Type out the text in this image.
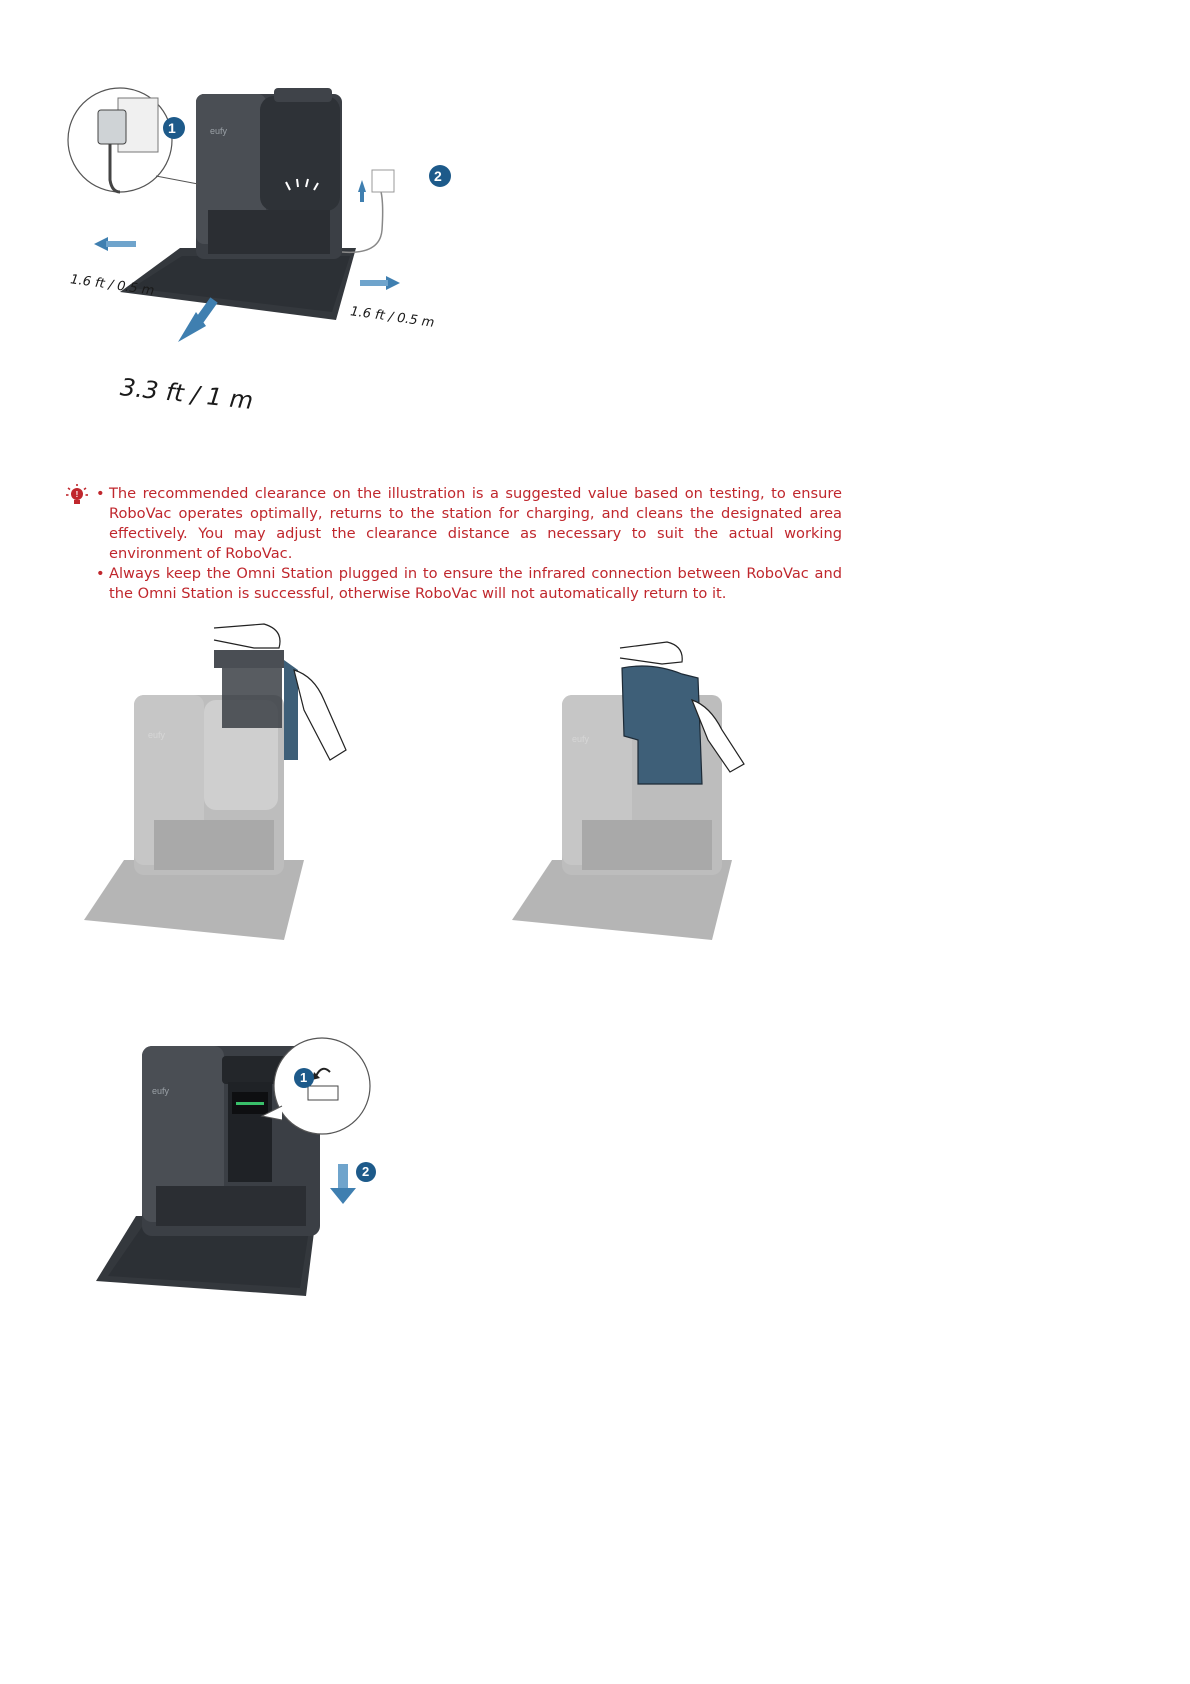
1
2
eufy
1.6 ft / 0.5 m
1.6 ft / 0.5 m
3.3 ft / 1 m
! • The recommended clearance on the illustration is a suggested value based on testing, to ensure RoboVac operates optimally, returns to the station for charging, and cleans the designated area effectively. You may adjust the clearance distance as necessary to suit the actual working environment of RoboVac.
• Always keep the Omni Station plugged in to ensure the infrared connection between RoboVac and the Omni Station is successful, otherwise RoboVac will not automatically return to it.
eufy	eufy
1
2
eufy
